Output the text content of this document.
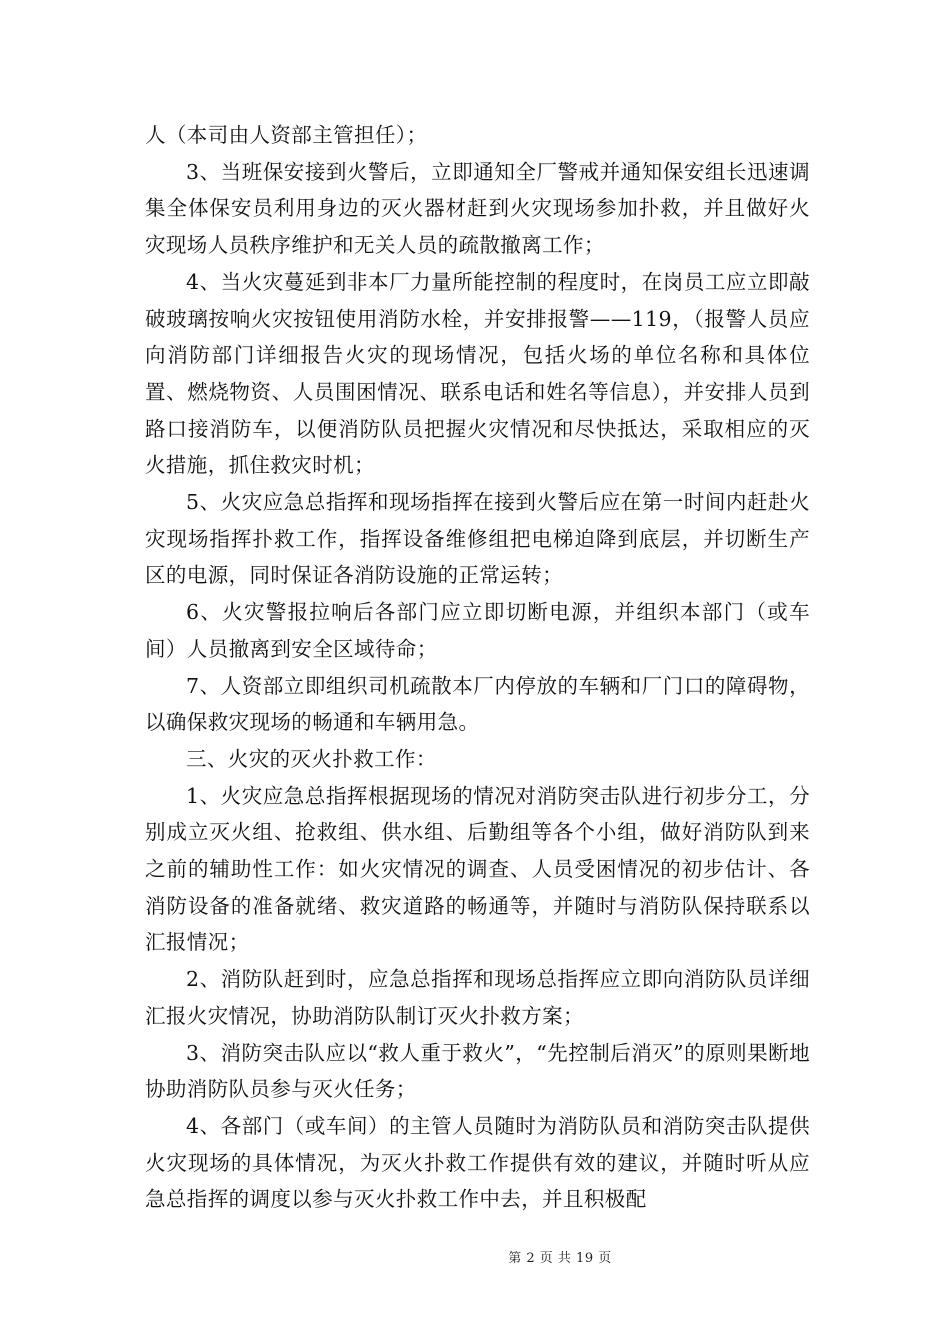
人（本司由人资部主管担任）；

3、当班保安接到火警后，立即通知全厂警戒并通知保安组长迅速调集全体保安员利用身边的灭火器材赶到火灾现场参加扑救，并且做好火灾现场人员秩序维护和无关人员的疏散撤离工作；

4、当火灾蔓延到非本厂力量所能控制的程度时，在岗员工应立即敲破玻璃按响火灾按钮使用消防水栓，并安排报警——119，（报警人员应向消防部门详细报告火灾的现场情况，包括火场的单位名称和具体位置、燃烧物资、人员围困情况、联系电话和姓名等信息），并安排人员到路口接消防车，以便消防队员把握火灾情况和尽快抵达，采取相应的灭火措施，抓住救灾时机；

5、火灾应急总指挥和现场指挥在接到火警后应在第一时间内赶赴火灾现场指挥扑救工作，指挥设备维修组把电梯迫降到底层，并切断生产区的电源，同时保证各消防设施的正常运转；

6、火灾警报拉响后各部门应立即切断电源，并组织本部门（或车间）人员撤离到安全区域待命；

7、人资部立即组织司机疏散本厂内停放的车辆和厂门口的障碍物，以确保救灾现场的畅通和车辆用急。

三、火灾的灭火扑救工作：

1、火灾应急总指挥根据现场的情况对消防突击队进行初步分工，分别成立灭火组、抢救组、供水组、后勤组等各个小组，做好消防队到来之前的辅助性工作：如火灾情况的调查、人员受困情况的初步估计、各消防设备的准备就绪、救灾道路的畅通等，并随时与消防队保持联系以汇报情况；

2、消防队赶到时，应急总指挥和现场总指挥应立即向消防队员详细汇报火灾情况，协助消防队制订灭火扑救方案；

3、消防突击队应以“救人重于救火”，“先控制后消灭”的原则果断地协助消防队员参与灭火任务；

4、各部门（或车间）的主管人员随时为消防队员和消防突击队提供火灾现场的具体情况，为灭火扑救工作提供有效的建议，并随时听从应急总指挥的调度以参与灭火扑救工作中去，并且积极配

第 2 页 共 19 页
